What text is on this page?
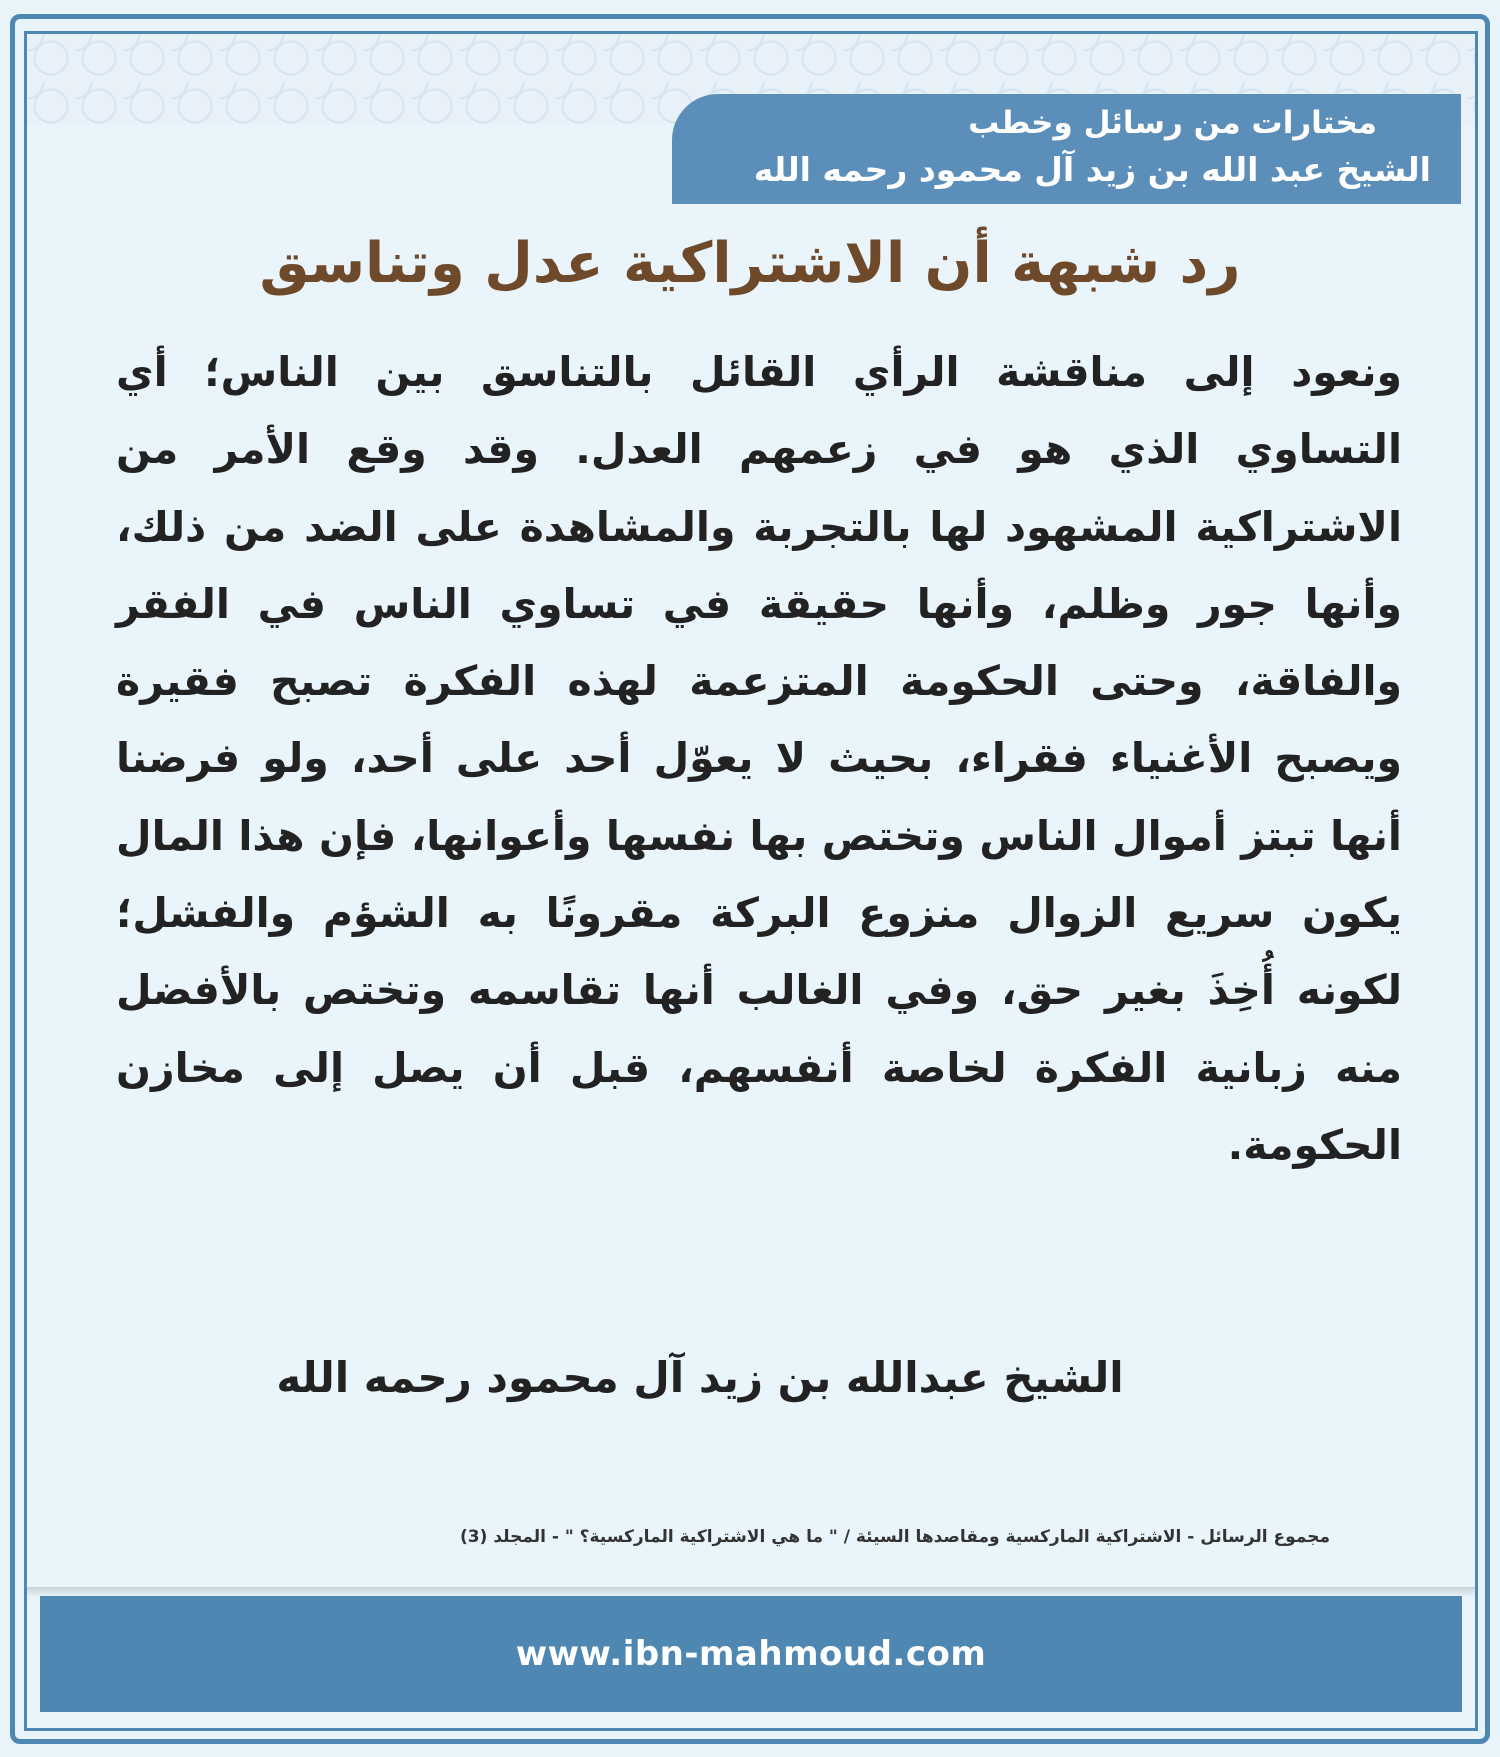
مختارات من رسائل وخطب

الشيخ عبد الله بن زيد آل محمود رحمه الله

رد شبهة أن الاشتراكية عدل وتناسق

ونعود إلى مناقشة الرأي القائل بالتناسق بين الناس؛ أي التساوي الذي هو في زعمهم العدل. وقد وقع الأمر من الاشتراكية المشهود لها بالتجربة والمشاهدة على الضد من ذلك، وأنها جور وظلم، وأنها حقيقة في تساوي الناس في الفقر والفاقة، وحتى الحكومة المتزعمة لهذه الفكرة تصبح فقيرة ويصبح الأغنياء فقراء، بحيث لا يعوّل أحد على أحد، ولو فرضنا أنها تبتز أموال الناس وتختص بها نفسها وأعوانها، فإن هذا المال يكون سريع الزوال منزوع البركة مقرونًا به الشؤم والفشل؛ لكونه أُخِذَ بغير حق، وفي الغالب أنها تقاسمه وتختص بالأفضل منه زبانية الفكرة لخاصة أنفسهم، قبل أن يصل إلى مخازن الحكومة.

الشيخ عبدالله بن زيد آل محمود رحمه الله

مجموع الرسائل - الاشتراكية الماركسية ومقاصدها السيئة / " ما هي الاشتراكية الماركسية؟ " - المجلد (3)

www.ibn-mahmoud.com
